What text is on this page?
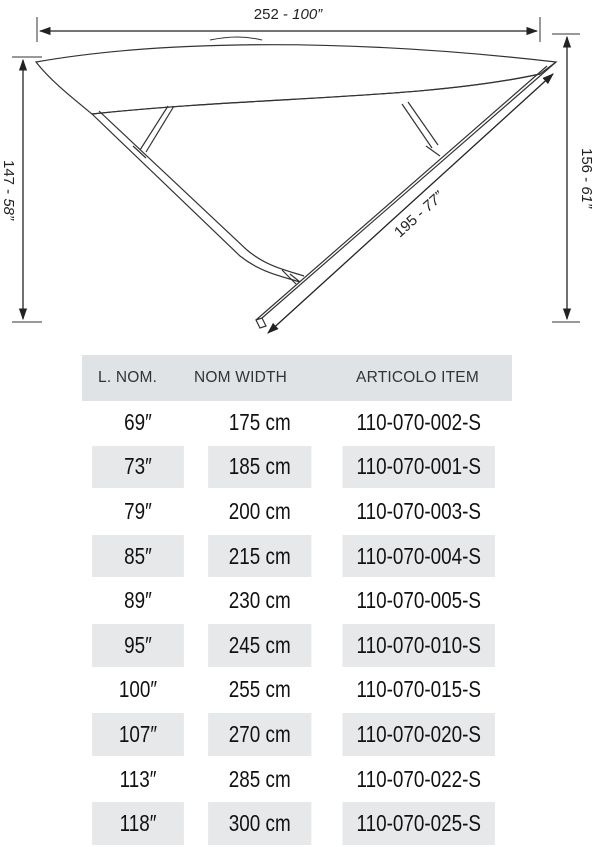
252 - 100”
147 - 58”
156 - 61”
195 - 77”
L. NOM.	NOM WIDTH	ARTICOLO ITEM
69″	175 cm	110-070-002-S
73″	185 cm	110-070-001-S
79″	200 cm	110-070-003-S
85″	215 cm	110-070-004-S
89″	230 cm	110-070-005-S
95″	245 cm	110-070-010-S
100″	255 cm	110-070-015-S
107″	270 cm	110-070-020-S
113″	285 cm	110-070-022-S
118″	300 cm	110-070-025-S
